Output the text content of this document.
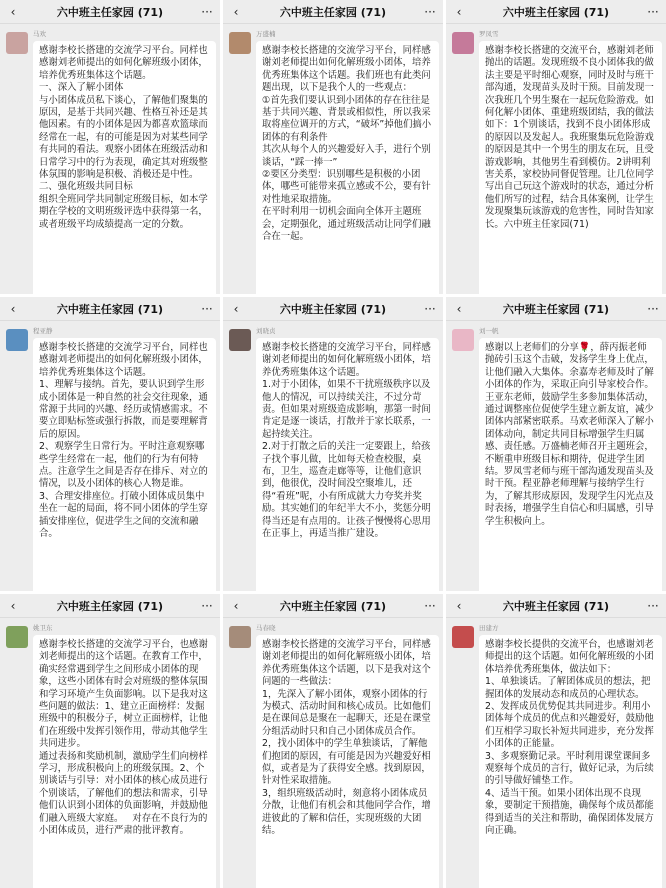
‹	六中班主任家园 (71)	···
马欢
感谢李校长搭建的交流学习平台。同样也感谢刘老师提出的如何化解班级小团体，培养优秀班集体这个话题。
一、深入了解小团体
与小团体成员私下谈心，了解他们聚集的原因，是基于共同兴趣、性格互补还是其他因素。有的小团体是因为都喜欢篮球而经常在一起，有的可能是因为对某些同学有共同的看法。观察小团体在班级活动和日常学习中的行为表现，确定其对班级整体氛围的影响是积极、消极还是中性。
二、强化班级共同目标
组织全班同学共同制定班级目标，如本学期在学校的文明班级评选中获得第一名，或者班级平均成绩提高一定的分数。
‹	六中班主任家园 (71)	···
万盛楠
感谢李校长搭建的交流学习平台，同样感谢刘老师提出如何化解班级小团体，培养优秀班集体这个话题。我们班也有此类问题出现，以下是我个人的一些观点：
①首先我们要认识到小团体的存在往往是基于共同兴趣、背景或相似性，所以我采取将座位调开的方式，“破坏”掉他们搞小团体的有利条件
其次从每个人的兴趣爱好入手，进行个别谈话，“踩一捧一”
②要区分类型：识别哪些是积极的小团体，哪些可能带来孤立感或不公，要有针对性地采取措施。
在平时利用一切机会面向全体开主题班会，定期强化，通过班级活动让同学们融合在一起。
‹	六中班主任家园 (71)	···
罗凤雪
感谢李校长搭建的交流平台，感谢刘老师抛出的话题。发现班级不良小团体我的做法主要是平时细心观察，同时及时与班干部沟通，发现苗头及时干预。目前发现一次我班几个男生聚在一起玩危险游戏。如何化解小团体、重建班级团结，我的做法如下：1个别谈话，找到不良小团体形成的原因以及发起人。我班聚集玩危险游戏的原因是其中一个男生的朋友在玩，且受游戏影响，其他男生看到模仿。2讲明利害关系，家校协同督促管理。让几位同学写出自己玩这个游戏时的状态，通过分析他们所写的过程，结合具体案例，让学生发现聚集玩该游戏的危害性，同时告知家长。六中班主任家园(71)
‹	六中班主任家园 (71)	···
程亚静
感谢李校长搭建的交流学习平台，同样也感谢刘老师提出的如何化解班级小团体，培养优秀班集体这个话题。
1、理解与接纳。首先，要认识到学生形成小团体是一种自然的社会交往现象，通常源于共同的兴趣、经历或情感需求。不要立即贴标签或强行拆散，而是要理解背后的原因。
2、观察学生日常行为。平时注意观察哪些学生经常在一起，他们的行为有何特点。注意学生之间是否存在排斥、对立的情况，以及小团体的核心人物是谁。
3、合理安排座位。打破小团体成员集中坐在一起的局面，将不同小团体的学生穿插安排座位，促进学生之间的交流和融合。
‹	六中班主任家园 (71)	···
刘晓贞
感谢李校长搭建的交流学习平台，同样感谢刘老师提出的如何化解班级小团体，培养优秀班集体这个话题。
1.对于小团体，如果不干扰班级秩序以及他人的情况，可以持续关注，不过分苛责。但如果对班级造成影响，那第一时间肯定是逐一谈话，打散并于家长联系，一起持续关注。
2.对于打散之后的关注一定要跟上，给孩子找个事儿做，比如每天检查校服，桌布，卫生，巡查走廊等等，让他们意识到，他很优，没时间没空聚堆儿，还得“看班”呢，小有所成就大力夸奖并奖励。其实她们的年纪半大不小，奖惩分明得当还是有点用的。让孩子慢慢将心思用在正事上，再适当推广建设。
‹	六中班主任家园 (71)	···
刘一帆
感谢以上老师们的分享🌹，薛丙振老师抛砖引玉这个击破，发扬学生身上优点，让他们融入大集体。余嘉寿老师及时了解小团体的作为，采取正向引导家校合作。王亚东老师，鼓励学生多参加集体活动，通过调整座位促使学生建立新友谊，减少团体内部紧密联系。马欢老师深入了解小团体动向，制定共同目标增强学生归属感、责任感。万盛楠老师召开主题班会，不断重申班级目标和期待，促进学生团结。罗凤雪老师与班干部沟通发现苗头及时干预。程亚静老师理解与接纳学生行为，了解其形成原因，发现学生闪光点及时表扬，增强学生自信心和归属感，引导学生积极向上。
‹	六中班主任家园 (71)	···
姚卫东
感谢李校长搭建的交流学习平台，也感谢刘老师提出的这个话题。在教育工作中，确实经常遇到学生之间形成小团体的现象，这些小团体有时会对班级的整体氛围和学习环境产生负面影响。以下是我对这些问题的做法：1、建立正面榜样：发掘班级中的积极分子，树立正面榜样，让他们在班级中发挥引领作用，带动其他学生共同进步。
通过表扬和奖励机制，激励学生们向榜样学习，形成积极向上的班级氛围。2、个别谈话与引导：对小团体的核心成员进行个别谈话，了解他们的想法和需求，引导他们认识到小团体的负面影响，并鼓励他们融入班级大家庭。   对存在不良行为的小团体成员，进行严肃的批评教育。
‹	六中班主任家园 (71)	···
马春晓
感谢李校长搭建的交流学习平台，同样感谢刘老师提出的如何化解班级小团体，培养优秀班集体这个话题，以下是我对这个问题的一些做法：
1，先深入了解小团体，观察小团体的行为模式、活动时间和核心成员。比如他们是在课间总是聚在一起聊天，还是在课堂分组活动时只和自己小团体成员合作。
2，找小团体中的学生单独谈话，了解他们抱团的原因，有可能是因为兴趣爱好相似，或者是为了获得安全感。找到原因，针对性采取措施。
3，组织班级活动时，刻意将小团体成员分散，让他们有机会和其他同学合作，增进彼此的了解和信任，实现班级的大团结。
‹	六中班主任家园 (71)	···
田建方
感谢李校长提供的交流平台，也感谢刘老师提出的这个话题。如何化解班级的小团体培养优秀班集体，做法如下：
1、单独谈话。了解团体成员的想法，把握团体的发展动态和成员的心理状态。
2、发挥成员优势促其共同进步。利用小团体每个成员的优点和兴趣爱好，鼓励他们互相学习取长补短共同进步，充分发挥小团体的正能量。
3、多观察勤记录。平时利用课堂课间多观察每个成员的言行，做好记录，为后续的引导做好铺垫工作。
4、适当干预。如果小团体出现不良现象，要制定干预措施，确保每个成员都能得到适当的关注和帮助，确保团体发展方向正确。
